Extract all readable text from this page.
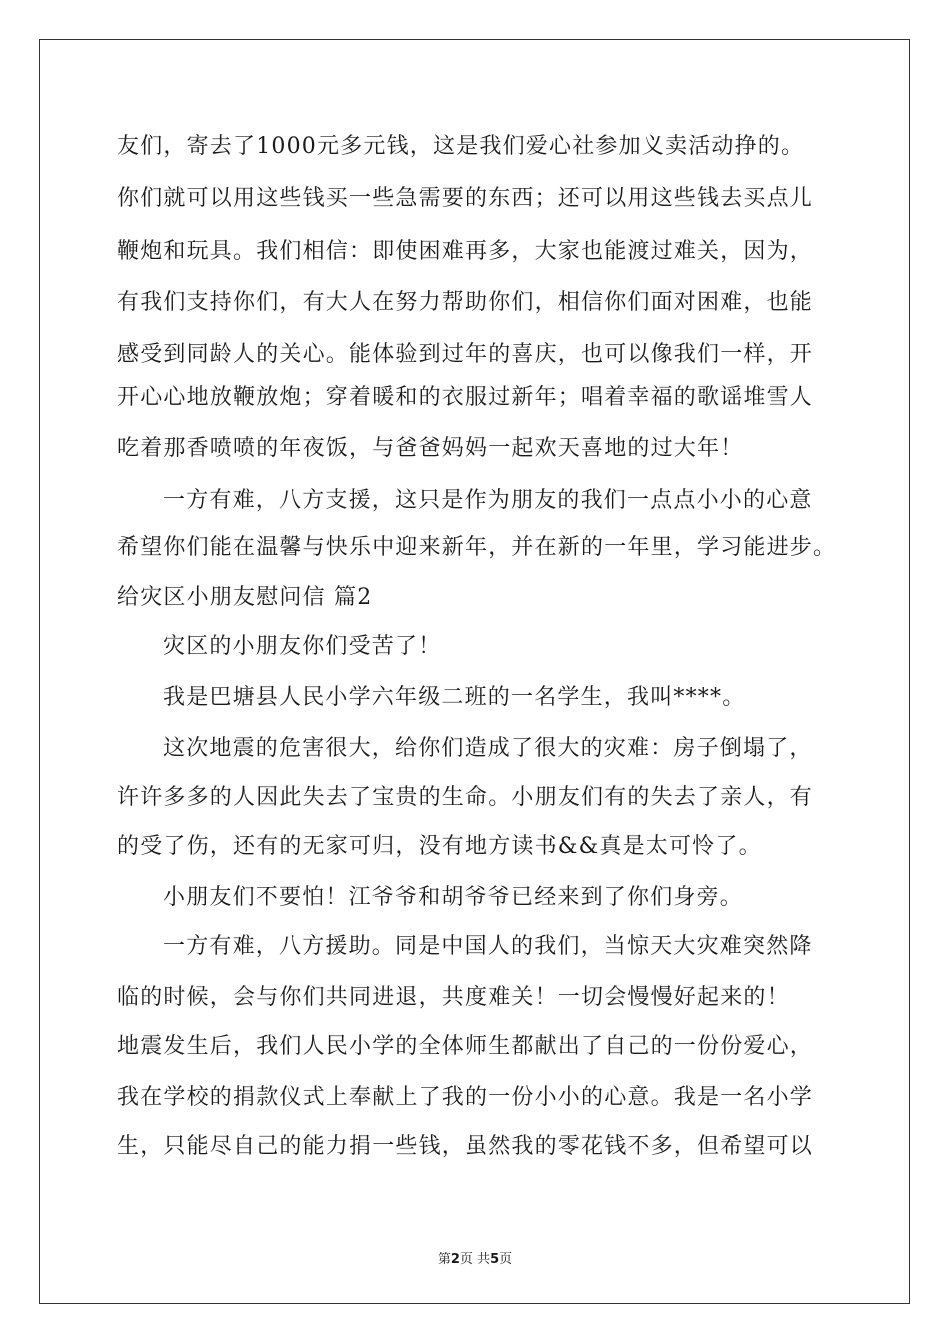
友们，寄去了1000元多元钱，这是我们爱心社参加义卖活动挣的。
你们就可以用这些钱买一些急需要的东西；还可以用这些钱去买点儿
鞭炮和玩具。我们相信：即使困难再多，大家也能渡过难关，因为，
有我们支持你们，有大人在努力帮助你们，相信你们面对困难，也能
感受到同龄人的关心。能体验到过年的喜庆，也可以像我们一样，开
开心心地放鞭放炮；穿着暖和的衣服过新年；唱着幸福的歌谣堆雪人
吃着那香喷喷的年夜饭，与爸爸妈妈一起欢天喜地的过大年！
一方有难，八方支援，这只是作为朋友的我们一点点小小的心意
希望你们能在温馨与快乐中迎来新年，并在新的一年里，学习能进步。
给灾区小朋友慰问信 篇2
灾区的小朋友你们受苦了！
我是巴塘县人民小学六年级二班的一名学生，我叫****。
这次地震的危害很大，给你们造成了很大的灾难：房子倒塌了，
许许多多的人因此失去了宝贵的生命。小朋友们有的失去了亲人，有
的受了伤，还有的无家可归，没有地方读书&&真是太可怜了。
小朋友们不要怕！江爷爷和胡爷爷已经来到了你们身旁。
一方有难，八方援助。同是中国人的我们，当惊天大灾难突然降
临的时候，会与你们共同进退，共度难关！一切会慢慢好起来的！
地震发生后，我们人民小学的全体师生都献出了自己的一份份爱心，
我在学校的捐款仪式上奉献上了我的一份小小的心意。我是一名小学
生，只能尽自己的能力捐一些钱，虽然我的零花钱不多，但希望可以
第2页 共5页
